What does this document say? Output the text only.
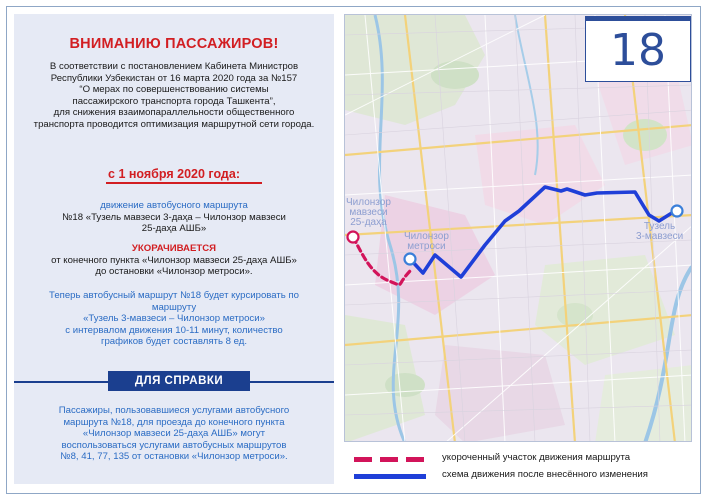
ВНИМАНИЮ ПАССАЖИРОВ!
В соответствии с постановлением Кабинета Министров
Республики Узбекистан от 16 марта 2020 года за №157
“О мерах по совершенствованию системы
пассажирского транспорта города Ташкента”,
для снижения взаимопараллельности общественного
транспорта проводится оптимизация маршрутной сети города.
с 1 ноября 2020 года:
движение автобусного маршрута
№18 «Тузель мавзеси 3-даҳа – Чилонзор мавзеси
25-даҳа АШБ»
УКОРАЧИВАЕТСЯ
от конечного пункта «Чилонзор мавзеси 25-даҳа АШБ»
до остановки «Чилонзор метроси».
Теперь автобусный маршрут №18 будет курсировать по
маршруту
«Тузель 3-мавзеси – Чилонзор метроси»
с интервалом движения 10-11 минут, количество
графиков будет составлять 8 ед.
ДЛЯ СПРАВКИ
Пассажиры, пользовавшиеся услугами автобусного
маршрута №18, для проезда до конечного пункта
«Чилонзор мавзеси 25-даҳа АШБ» могут
воспользоваться услугами автобусных маршрутов
№8, 41, 77, 135 от остановки «Чилонзор метроси».
Чилонзор
мавзеси
25-даҳа
Чилонзор
метроси
Тузель
3-мавзеси
18
укороченный участок движения маршрута
схема движения после внесённого изменения
